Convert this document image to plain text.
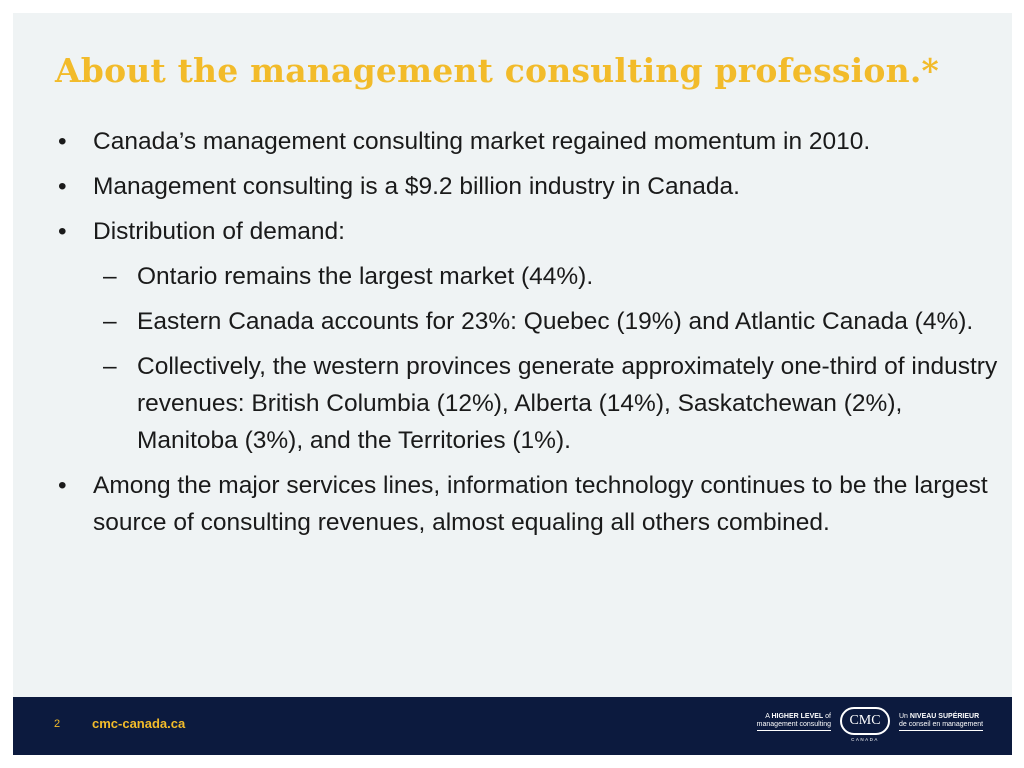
About the management consulting profession.*
• Canada’s management consulting market regained momentum in 2010.
• Management consulting is a $9.2 billion industry in Canada.
• Distribution of demand:
– Ontario remains the largest market (44%).
– Eastern Canada accounts for 23%: Quebec (19%) and Atlantic Canada (4%).
– Collectively, the western provinces generate approximately one-third of industry revenues: British Columbia (12%), Alberta (14%), Saskatchewan (2%), Manitoba (3%), and the Territories (1%).
• Among the major services lines, information technology continues to be the largest source of consulting revenues, almost equaling all others combined.
2 cmc-canada.ca	A HIGHER LEVEL of
management consulting	CMC
CANADA
Un NIVEAU SUPÉRIEUR
de conseil en management
